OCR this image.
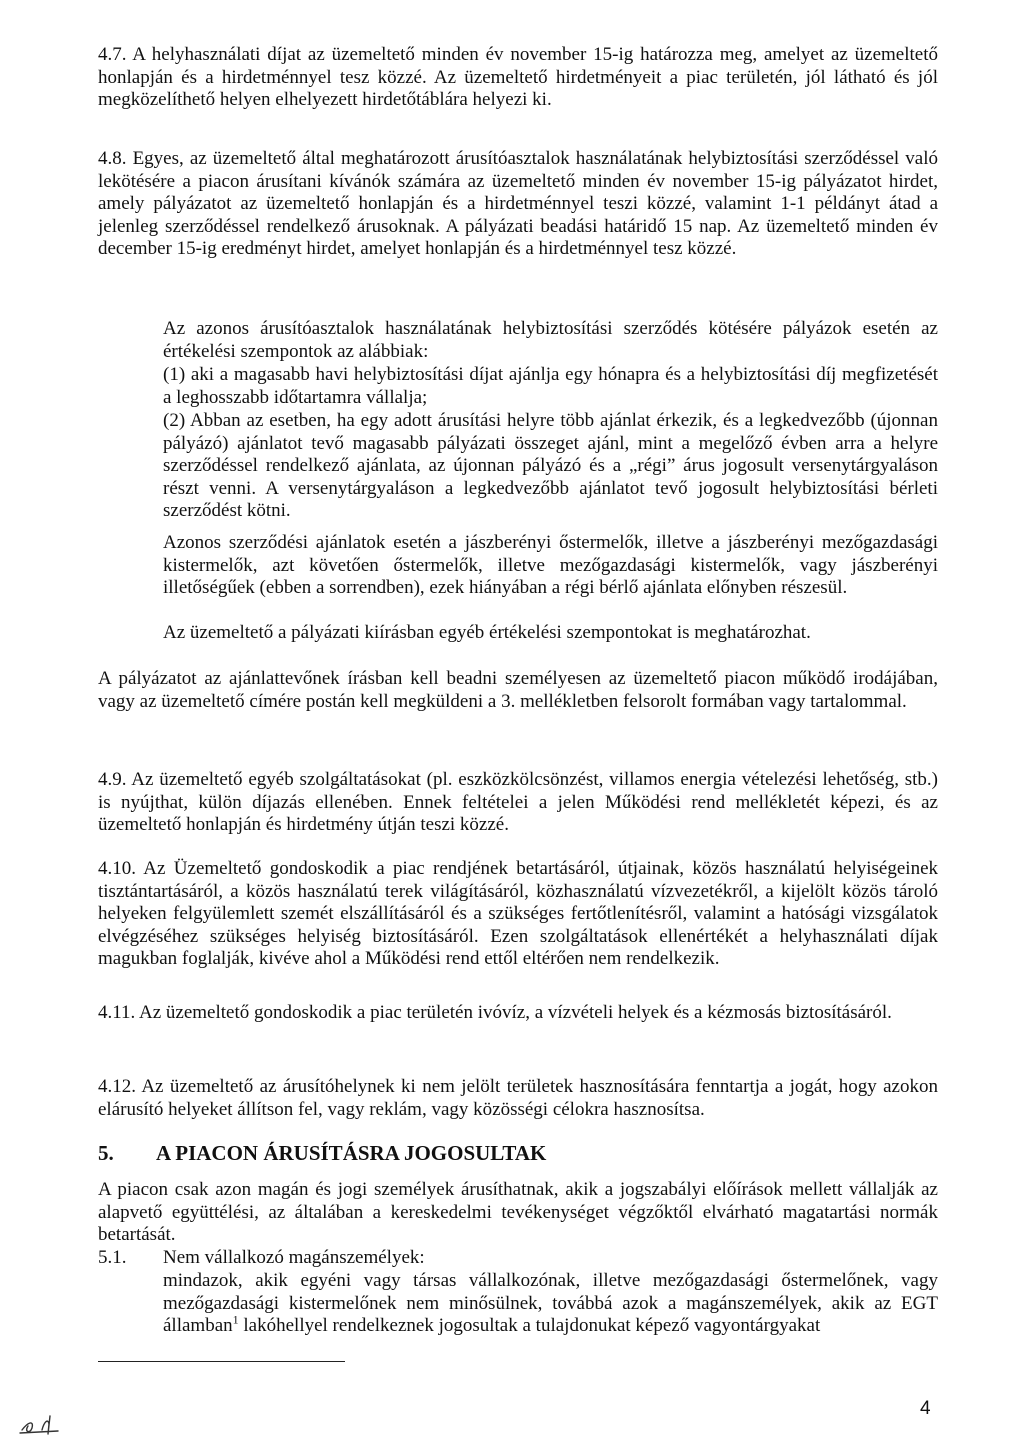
4.7. A helyhasználati díjat az üzemeltető minden év november 15-ig határozza meg, amelyet az üzemeltető honlapján és a hirdetménnyel tesz közzé. Az üzemeltető hirdetményeit a piac területén, jól látható és jól megközelíthető helyen elhelyezett hirdetőtáblára helyezi ki.

4.8. Egyes, az üzemeltető által meghatározott árusítóasztalok használatának helybiztosítási szerződéssel való lekötésére a piacon árusítani kívánók számára az üzemeltető minden év november 15-ig pályázatot hirdet, amely pályázatot az üzemeltető honlapján és a hirdetménnyel teszi közzé, valamint 1-1 példányt átad a jelenleg szerződéssel rendelkező árusoknak. A pályázati beadási határidő 15 nap. Az üzemeltető minden év december 15-ig eredményt hirdet, amelyet honlapján és a hirdetménnyel tesz közzé.

Az azonos árusítóasztalok használatának helybiztosítási szerződés kötésére pályázok esetén az értékelési szempontok az alábbiak:

(1) aki a magasabb havi helybiztosítási díjat ajánlja egy hónapra és a helybiztosítási díj megfizetését a leghosszabb időtartamra vállalja;

(2) Abban az esetben, ha egy adott árusítási helyre több ajánlat érkezik, és a legkedvezőbb (újonnan pályázó) ajánlatot tevő magasabb pályázati összeget ajánl, mint a megelőző évben arra a helyre szerződéssel rendelkező ajánlata, az újonnan pályázó és a „régi” árus jogosult versenytárgyaláson részt venni. A versenytárgyaláson a legkedvezőbb ajánlatot tevő jogosult helybiztosítási bérleti szerződést kötni.

Azonos szerződési ajánlatok esetén a jászberényi őstermelők, illetve a jászberényi mezőgazdasági kistermelők, azt követően őstermelők, illetve mezőgazdasági kistermelők, vagy jászberényi illetőségűek (ebben a sorrendben), ezek hiányában a régi bérlő ajánlata előnyben részesül.

Az üzemeltető a pályázati kiírásban egyéb értékelési szempontokat is meghatározhat.

A pályázatot az ajánlattevőnek írásban kell beadni személyesen az üzemeltető piacon működő irodájában, vagy az üzemeltető címére postán kell megküldeni a 3. mellékletben felsorolt formában vagy tartalommal.

4.9. Az üzemeltető egyéb szolgáltatásokat (pl. eszközkölcsönzést, villamos energia vételezési lehetőség, stb.) is nyújthat, külön díjazás ellenében. Ennek feltételei a jelen Működési rend mellékletét képezi, és az üzemeltető honlapján és hirdetmény útján teszi közzé.

4.10. Az Üzemeltető gondoskodik a piac rendjének betartásáról, útjainak, közös használatú helyiségeinek tisztántartásáról, a közös használatú terek világításáról, közhasználatú vízvezetékről, a kijelölt közös tároló helyeken felgyülemlett szemét elszállításáról és a szükséges fertőtlenítésről, valamint a hatósági vizsgálatok elvégzéséhez szükséges helyiség biztosításáról. Ezen szolgáltatások ellenértékét a helyhasználati díjak magukban foglalják, kivéve ahol a Működési rend ettől eltérően nem rendelkezik.

4.11. Az üzemeltető gondoskodik a piac területén ivóvíz, a vízvételi helyek és a kézmosás biztosításáról.

4.12. Az üzemeltető az árusítóhelynek ki nem jelölt területek hasznosítására fenntartja a jogát, hogy azokon elárusító helyeket állítson fel, vagy reklám, vagy közösségi célokra hasznosítsa.

5. A PIACON ÁRUSÍTÁSRA JOGOSULTAK

A piacon csak azon magán és jogi személyek árusíthatnak, akik a jogszabályi előírások mellett vállalják az alapvető együttélési, az általában a kereskedelmi tevékenységet végzőktől elvárható magatartási normák betartását.

5.1. Nem vállalkozó magánszemélyek:
mindazok, akik egyéni vagy társas vállalkozónak, illetve mezőgazdasági őstermelőnek, vagy mezőgazdasági kistermelőnek nem minősülnek, továbbá azok a magánszemélyek, akik az EGT államban$^1$ lakóhellyel rendelkeznek jogosultak a tulajdonukat képező vagyontárgyakat
4
